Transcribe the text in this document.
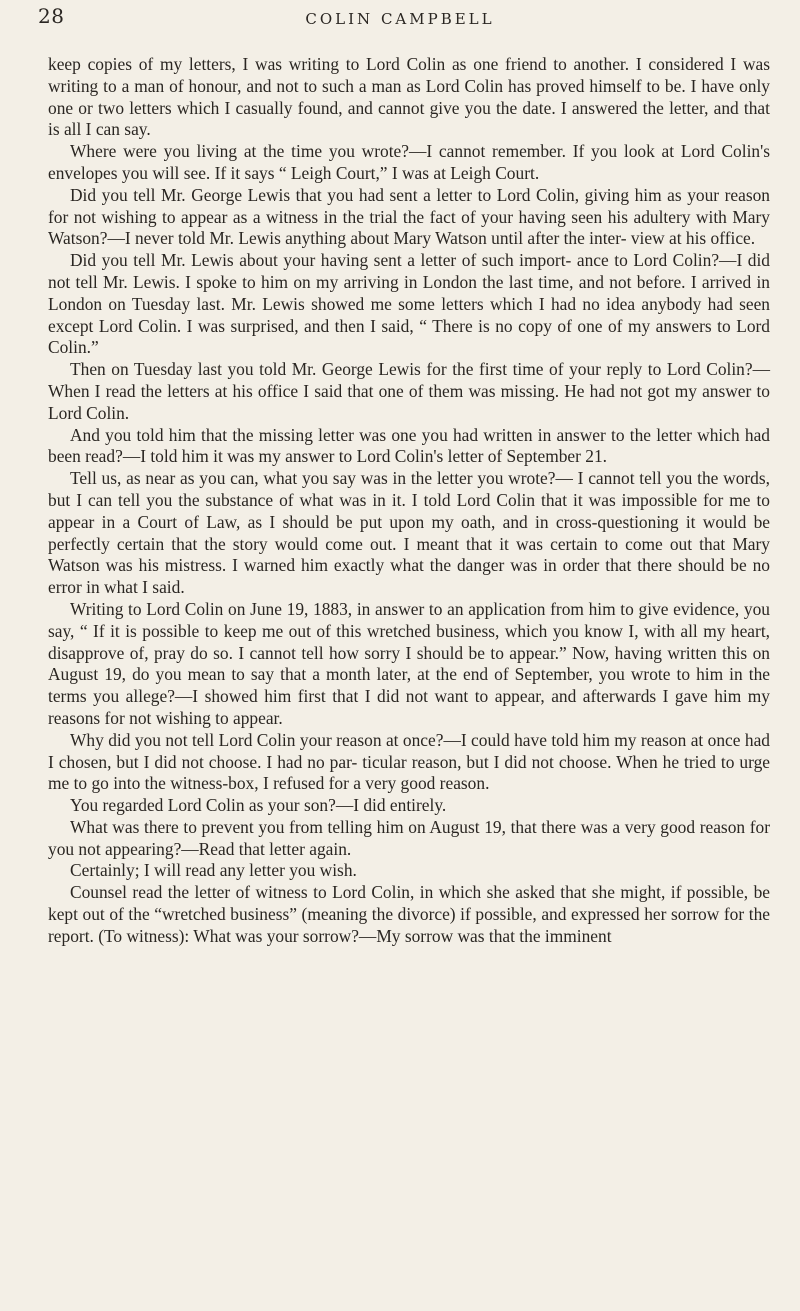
28	COLIN CAMPBELL

keep copies of my letters, I was writing to Lord Colin as one friend to another. I considered I was writing to a man of honour, and not to such a man as Lord Colin has proved himself to be. I have only one or two letters which I casually found, and cannot give you the date. I answered the letter, and that is all I can say.

Where were you living at the time you wrote?—I cannot remember. If you look at Lord Colin's envelopes you will see. If it says “ Leigh Court,” I was at Leigh Court.

Did you tell Mr. George Lewis that you had sent a letter to Lord Colin, giving him as your reason for not wishing to appear as a witness in the trial the fact of your having seen his adultery with Mary Watson?—I never told Mr. Lewis anything about Mary Watson until after the inter- view at his office.

Did you tell Mr. Lewis about your having sent a letter of such import- ance to Lord Colin?—I did not tell Mr. Lewis. I spoke to him on my arriving in London the last time, and not before. I arrived in London on Tuesday last. Mr. Lewis showed me some letters which I had no idea anybody had seen except Lord Colin. I was surprised, and then I said, “ There is no copy of one of my answers to Lord Colin.”

Then on Tuesday last you told Mr. George Lewis for the first time of your reply to Lord Colin?—When I read the letters at his office I said that one of them was missing. He had not got my answer to Lord Colin.

And you told him that the missing letter was one you had written in answer to the letter which had been read?—I told him it was my answer to Lord Colin's letter of September 21.

Tell us, as near as you can, what you say was in the letter you wrote?— I cannot tell you the words, but I can tell you the substance of what was in it. I told Lord Colin that it was impossible for me to appear in a Court of Law, as I should be put upon my oath, and in cross-questioning it would be perfectly certain that the story would come out. I meant that it was certain to come out that Mary Watson was his mistress. I warned him exactly what the danger was in order that there should be no error in what I said.

Writing to Lord Colin on June 19, 1883, in answer to an application from him to give evidence, you say, “ If it is possible to keep me out of this wretched business, which you know I, with all my heart, disapprove of, pray do so. I cannot tell how sorry I should be to appear.” Now, having written this on August 19, do you mean to say that a month later, at the end of September, you wrote to him in the terms you allege?—I showed him first that I did not want to appear, and afterwards I gave him my reasons for not wishing to appear.

Why did you not tell Lord Colin your reason at once?—I could have told him my reason at once had I chosen, but I did not choose. I had no par- ticular reason, but I did not choose. When he tried to urge me to go into the witness-box, I refused for a very good reason.

You regarded Lord Colin as your son?—I did entirely.

What was there to prevent you from telling him on August 19, that there was a very good reason for you not appearing?—Read that letter again.

Certainly; I will read any letter you wish.

Counsel read the letter of witness to Lord Colin, in which she asked that she might, if possible, be kept out of the “wretched business” (meaning the divorce) if possible, and expressed her sorrow for the report. (To witness): What was your sorrow?—My sorrow was that the imminent
